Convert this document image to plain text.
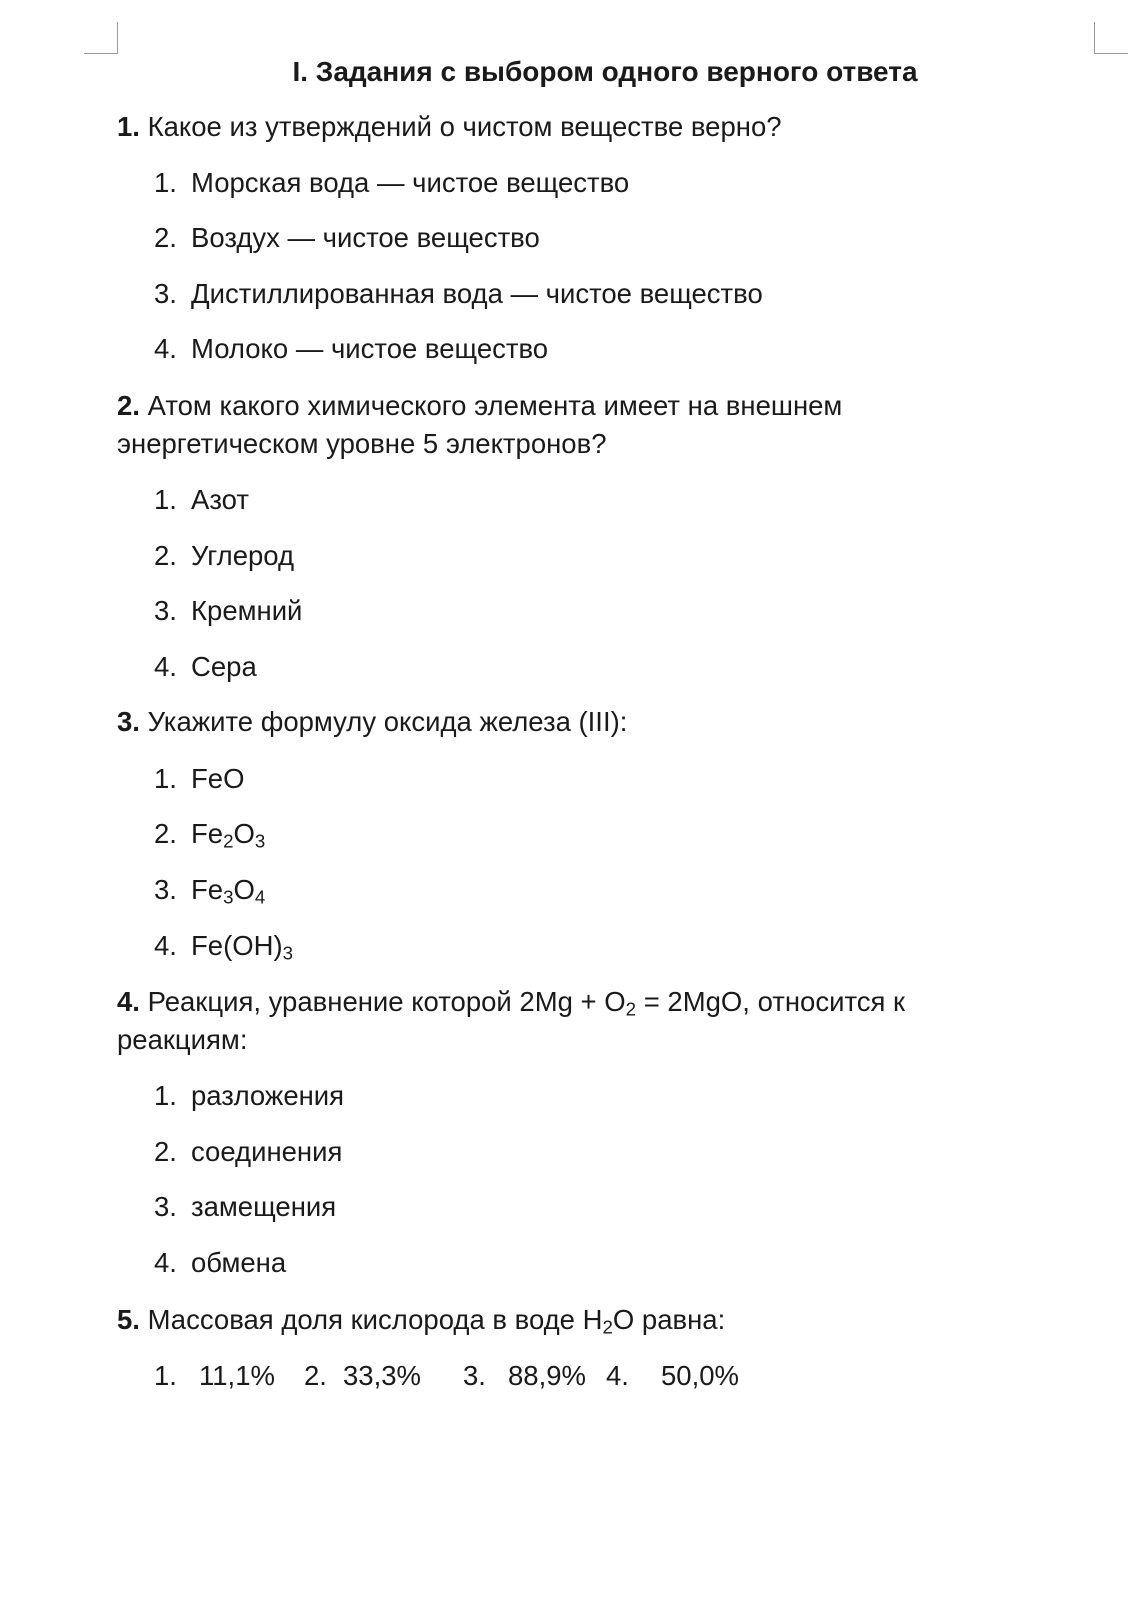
I. Задания с выбором одного верного ответа
1. Какое из утверждений о чистом веществе верно?
1. Морская вода — чистое вещество
2. Воздух — чистое вещество
3. Дистиллированная вода — чистое вещество
4. Молоко — чистое вещество
2. Атом какого химического элемента имеет на внешнем энергетическом уровне 5 электронов?
1. Азот
2. Углерод
3. Кремний
4. Сера
3. Укажите формулу оксида железа (III):
1. FeO
2. $Fe_2O_3$
3. $Fe_3O_4$
4. $Fe(OH)_3$
4. Реакция, уравнение которой $2Mg + O_2 = 2MgO$, относится к реакциям:
1. разложения
2. соединения
3. замещения
4. обмена
5. Массовая доля кислорода в воде $H_2O$ равна:
1. 11,1% 2. 33,3% 3. 88,9% 4. 50,0%
